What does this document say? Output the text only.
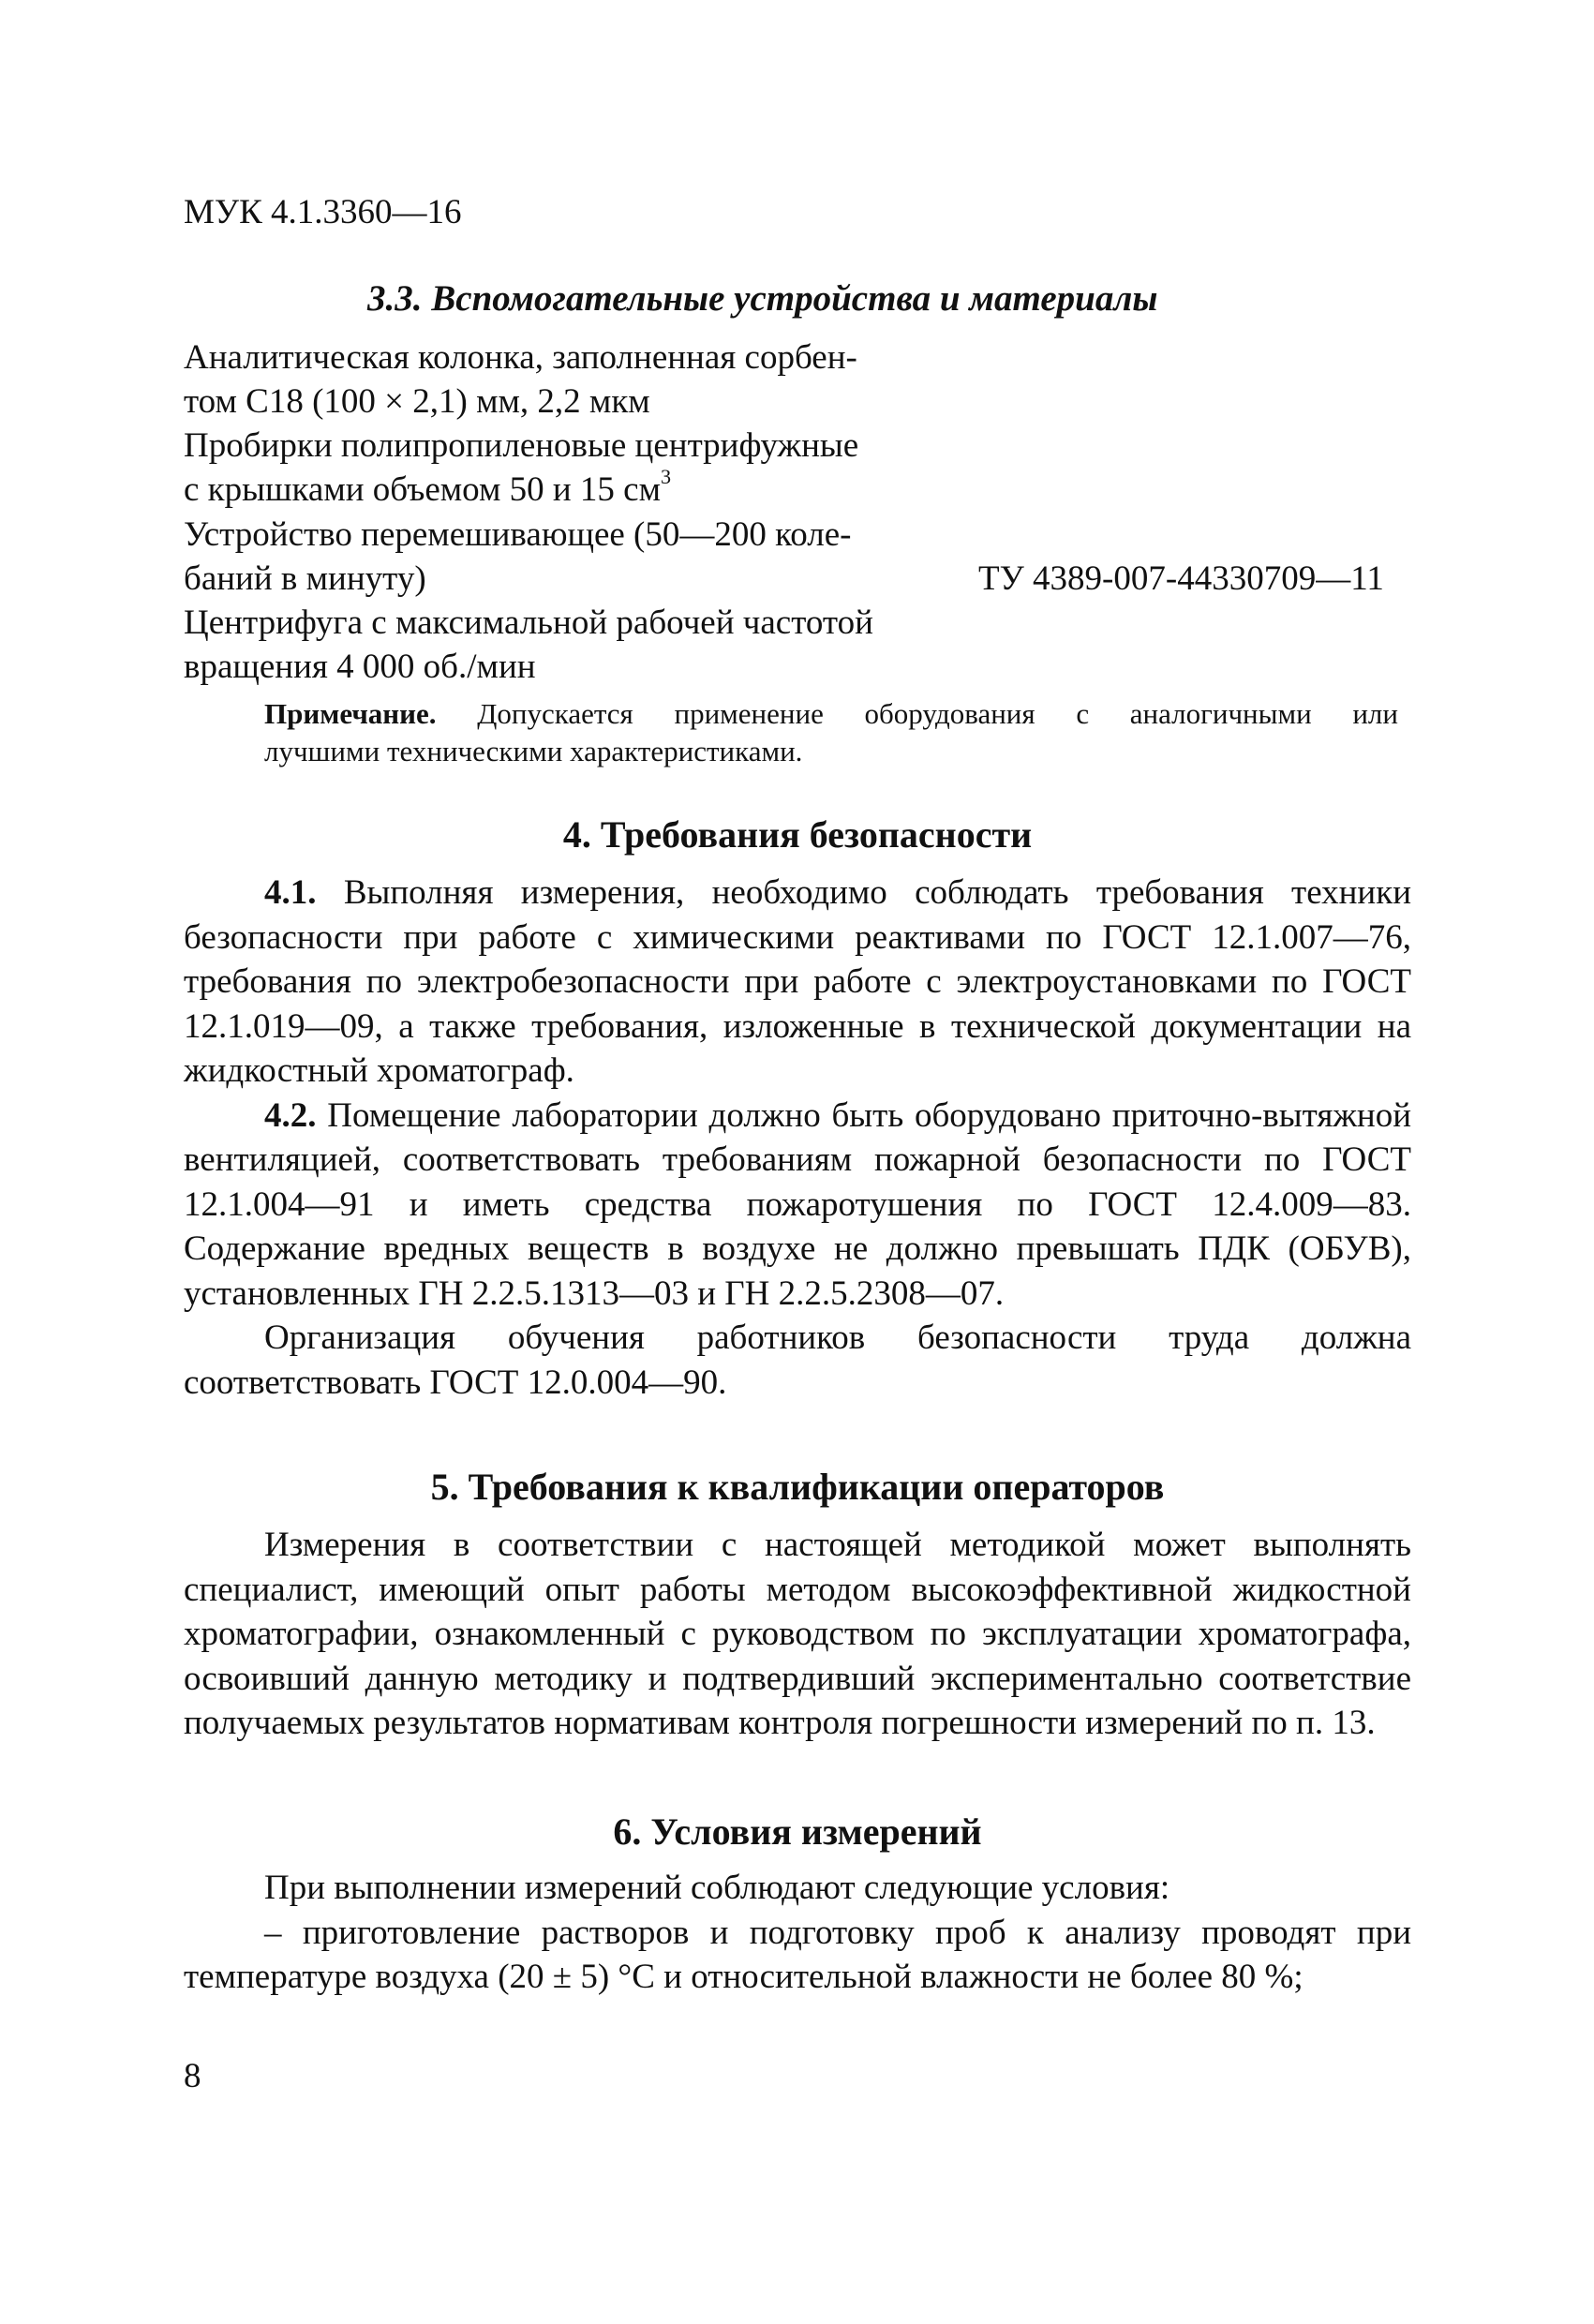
МУК 4.1.3360—16
3.3. Вспомогательные устройства и материалы
Аналитическая колонка, заполненная сорбен-
том С18 (100 × 2,1) мм, 2,2 мкм
Пробирки полипропиленовые центрифужные
с крышками объемом 50 и 15 $см^3$
Устройство перемешивающее (50—200 коле-
баний в минуту)	ТУ 4389-007-44330709—11
Центрифуга с максимальной рабочей частотой
вращения 4 000 об./мин
Примечание. Допускается применение оборудования с аналогичными или
лучшими техническими характеристиками.
4. Требования безопасности

4.1. Выполняя измерения, необходимо соблюдать требования техники безопасности при работе с химическими реактивами по ГОСТ 12.1.007—76, требования по электробезопасности при работе с электроустановками по ГОСТ 12.1.019—09, а также требования, изложенные в технической документации на жидкостный хроматограф.

4.2. Помещение лаборатории должно быть оборудовано приточно-вытяжной вентиляцией, соответствовать требованиям пожарной безопасности по ГОСТ 12.1.004—91 и иметь средства пожаротушения по ГОСТ 12.4.009—83. Содержание вредных веществ в воздухе не должно превышать ПДК (ОБУВ), установленных ГН 2.2.5.1313—03 и ГН 2.2.5.2308—07.

Организация обучения работников безопасности труда должна соответствовать ГОСТ 12.0.004—90.

5. Требования к квалификации операторов

Измерения в соответствии с настоящей методикой может выполнять специалист, имеющий опыт работы методом высокоэффективной жидкостной хроматографии, ознакомленный с руководством по эксплуатации хроматографа, освоивший данную методику и подтвердивший экспериментально соответствие получаемых результатов нормативам контроля погрешности измерений по п. 13.

6. Условия измерений

При выполнении измерений соблюдают следующие условия:

– приготовление растворов и подготовку проб к анализу проводят при температуре воздуха (20 ± 5) °С и относительной влажности не более 80 %;

8
